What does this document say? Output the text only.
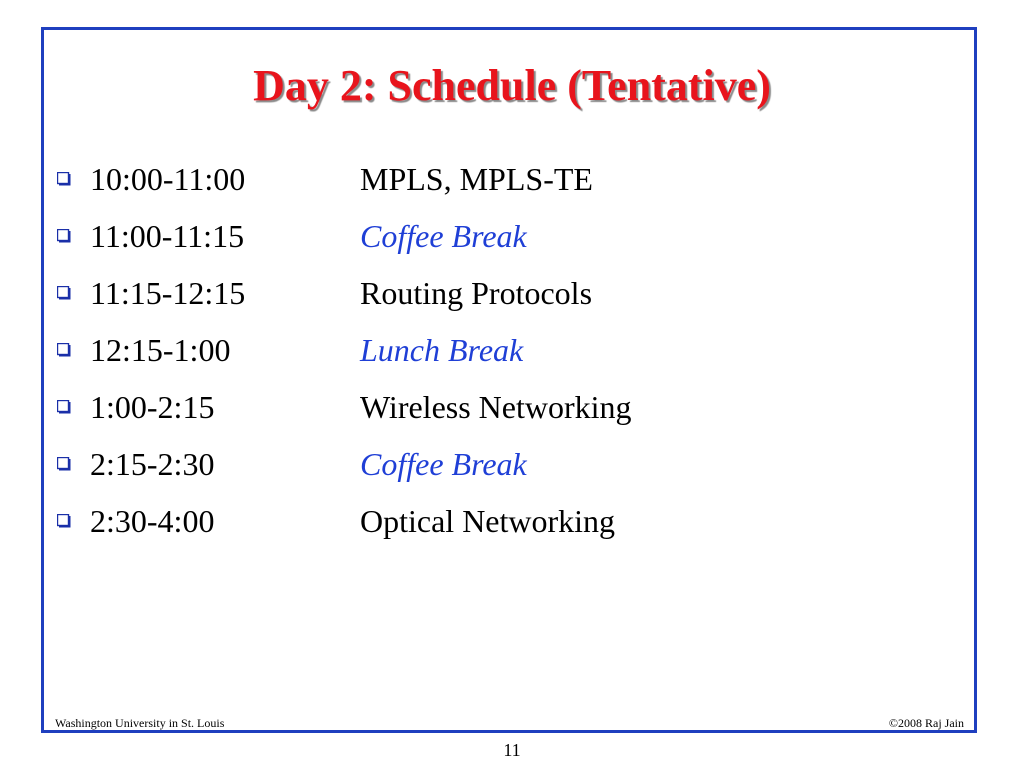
Day 2: Schedule (Tentative)
10:00-11:00	MPLS, MPLS-TE
11:00-11:15	Coffee Break
11:15-12:15	Routing Protocols
12:15-1:00	Lunch Break
1:00-2:15	Wireless Networking
2:15-2:30	Coffee Break
2:30-4:00	Optical Networking
Washington University in St. Louis	©2008 Raj Jain
11
